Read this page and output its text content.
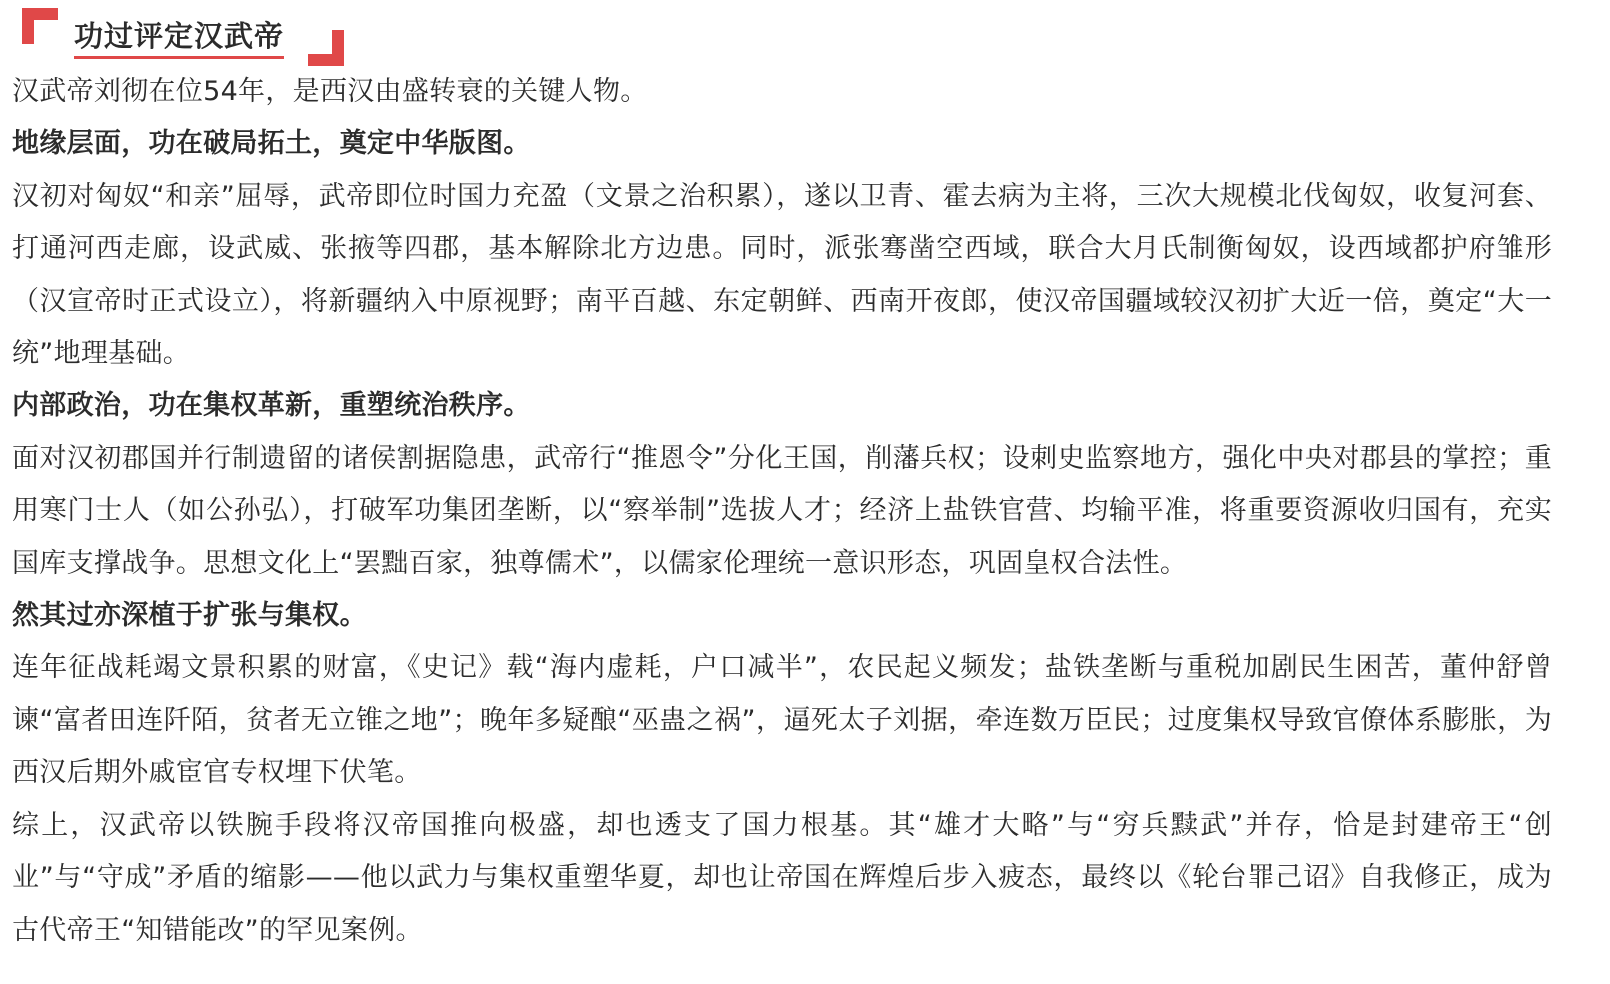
功过评定汉武帝

汉武帝刘彻在位54年，是西汉由盛转衰的关键人物。

地缘层面，功在破局拓土，奠定中华版图。

汉初对匈奴“和亲”屈辱，武帝即位时国力充盈（文景之治积累），遂以卫青、霍去病为主将，三次大规模北伐匈奴，收复河套、打通河西走廊，设武威、张掖等四郡，基本解除北方边患。同时，派张骞凿空西域，联合大月氏制衡匈奴，设西域都护府雏形（汉宣帝时正式设立），将新疆纳入中原视野；南平百越、东定朝鲜、西南开夜郎，使汉帝国疆域较汉初扩大近一倍，奠定“大一统”地理基础。

内部政治，功在集权革新，重塑统治秩序。

面对汉初郡国并行制遗留的诸侯割据隐患，武帝行“推恩令”分化王国，削藩兵权；设刺史监察地方，强化中央对郡县的掌控；重用寒门士人（如公孙弘），打破军功集团垄断，以“察举制”选拔人才；经济上盐铁官营、均输平准，将重要资源收归国有，充实国库支撑战争。思想文化上“罢黜百家，独尊儒术”，以儒家伦理统一意识形态，巩固皇权合法性。

然其过亦深植于扩张与集权。

连年征战耗竭文景积累的财富，《史记》载“海内虚耗，户口减半”，农民起义频发；盐铁垄断与重税加剧民生困苦，董仲舒曾谏“富者田连阡陌，贫者无立锥之地”；晚年多疑酿“巫蛊之祸”，逼死太子刘据，牵连数万臣民；过度集权导致官僚体系膨胀，为西汉后期外戚宦官专权埋下伏笔。

综上，汉武帝以铁腕手段将汉帝国推向极盛，却也透支了国力根基。其“雄才大略”与“穷兵黩武”并存，恰是封建帝王“创业”与“守成”矛盾的缩影——他以武力与集权重塑华夏，却也让帝国在辉煌后步入疲态，最终以《轮台罪己诏》自我修正，成为古代帝王“知错能改”的罕见案例。
